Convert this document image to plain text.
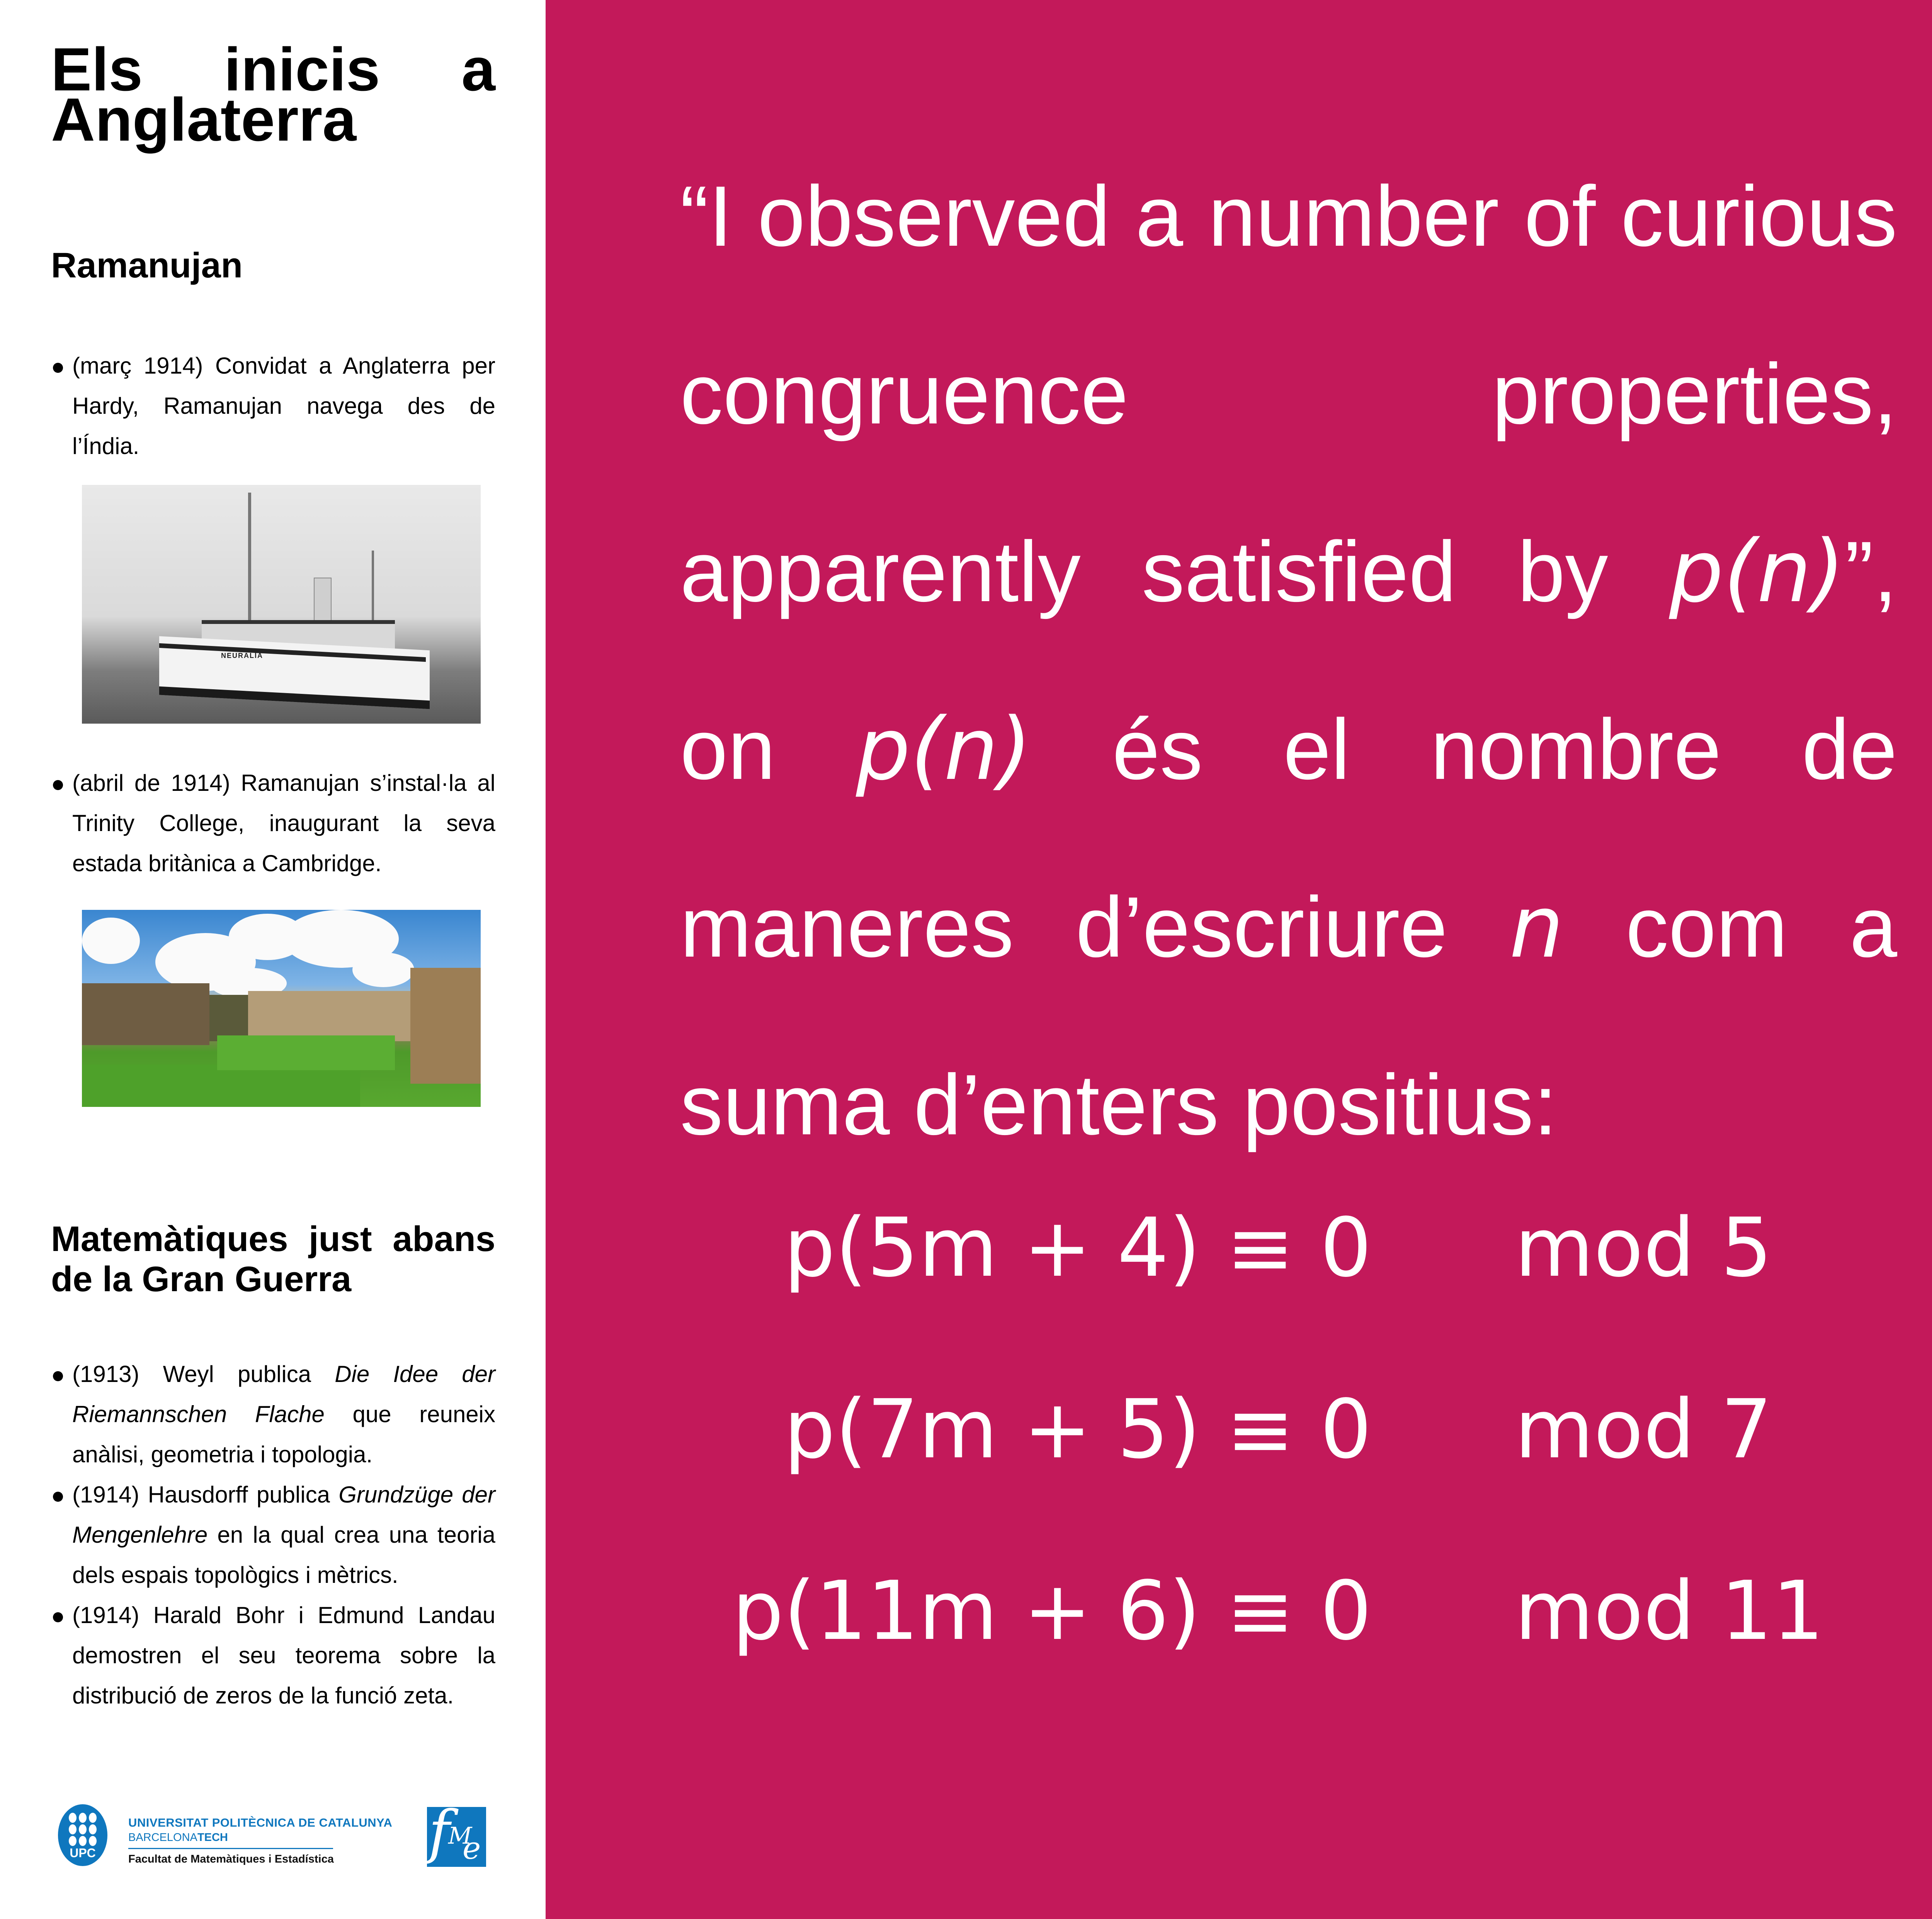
Els inicis a Anglaterra
Ramanujan
(març 1914) Convidat a Anglaterra per Hardy, Ramanujan navega des de l’Índia.
NEURALIA
(abril de 1914) Ramanujan s’instal·la al Trinity College, inaugurant la seva estada britànica a Cambridge.
Matemàtiques just abans de la Gran Guerra
(1913) Weyl publica Die Idee der Riemannschen Flache que reuneix anàlisi, geometria i topologia.
(1914) Hausdorff publica Grundzüge der Mengenlehre en la qual crea una teoria dels espais topològics i mètrics.
(1914) Harald Bohr i Edmund Landau demostren el seu teorema sobre la distribució de zeros de la funció zeta.
UPC
UNIVERSITAT POLITÈCNICA DE CATALUNYA
BARCELONATECH
Facultat de Matemàtiques i Estadística f
M
e
“I observed a number of curious congruence properties, apparently satisfied by p(n)”, on p(n) és el nombre de maneres d’escriure n com a suma d’enters positius:
p(5m + 4) ≡ 0 mod 5
p(7m + 5) ≡ 0 mod 7
p(11m + 6) ≡ 0 mod 11
